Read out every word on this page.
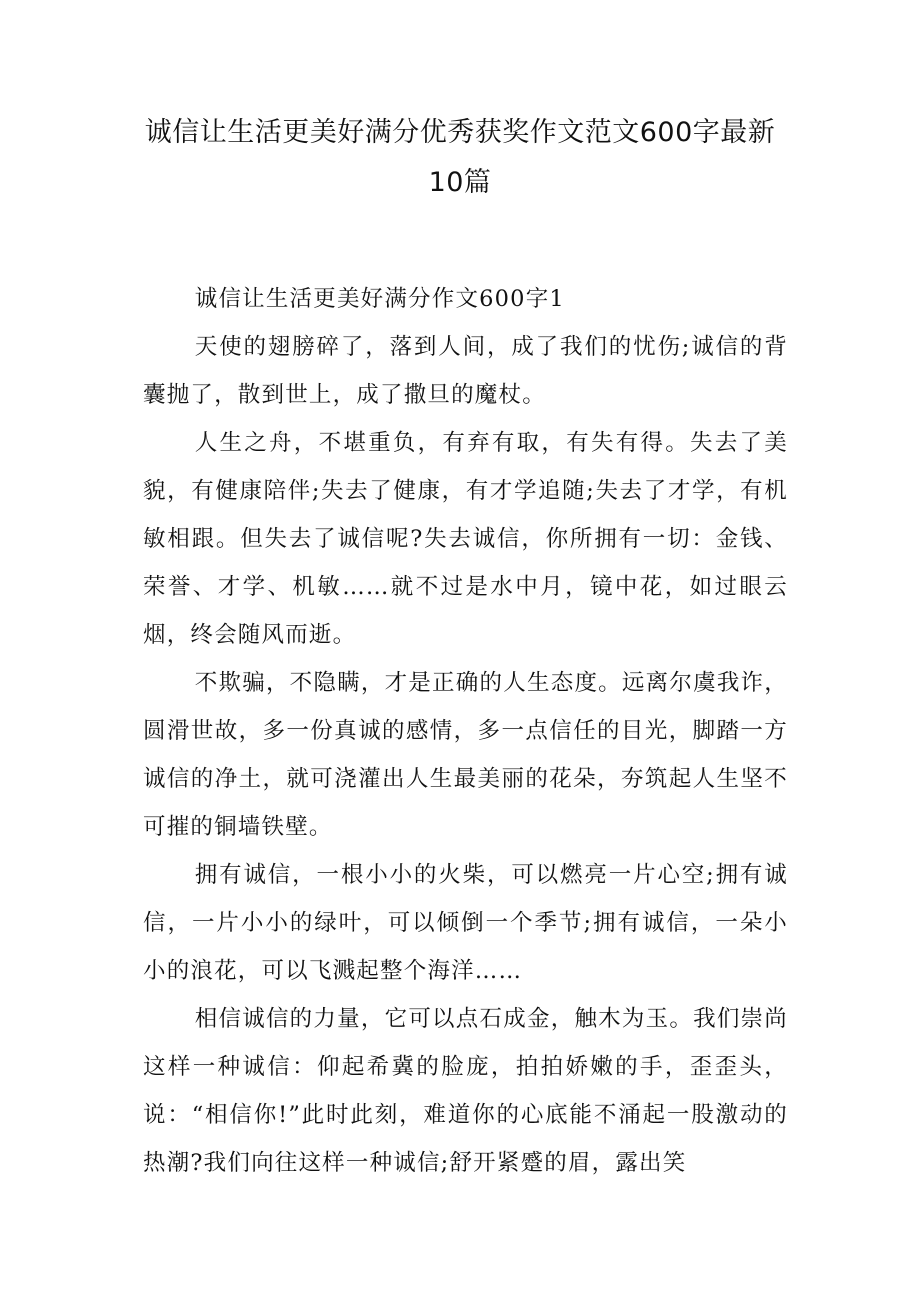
诚信让生活更美好满分优秀获奖作文范文600字最新
10篇

诚信让生活更美好满分作文600字1

天使的翅膀碎了，落到人间，成了我们的忧伤;诚信的背囊抛了，散到世上，成了撒旦的魔杖。

人生之舟，不堪重负，有弃有取，有失有得。失去了美貌，有健康陪伴;失去了健康，有才学追随;失去了才学，有机敏相跟。但失去了诚信呢?失去诚信，你所拥有一切：金钱、荣誉、才学、机敏……就不过是水中月，镜中花，如过眼云烟，终会随风而逝。

不欺骗，不隐瞒，才是正确的人生态度。远离尔虞我诈，圆滑世故，多一份真诚的感情，多一点信任的目光，脚踏一方诚信的净土，就可浇灌出人生最美丽的花朵，夯筑起人生坚不可摧的铜墙铁壁。

拥有诚信，一根小小的火柴，可以燃亮一片心空;拥有诚信，一片小小的绿叶，可以倾倒一个季节;拥有诚信，一朵小小的浪花，可以飞溅起整个海洋……

相信诚信的力量，它可以点石成金，触木为玉。我们崇尚这样一种诚信：仰起希冀的脸庞，拍拍娇嫩的手，歪歪头，说：“相信你!”此时此刻，难道你的心底能不涌起一股激动的热潮?我们向往这样一种诚信;舒开紧蹙的眉，露出笑
